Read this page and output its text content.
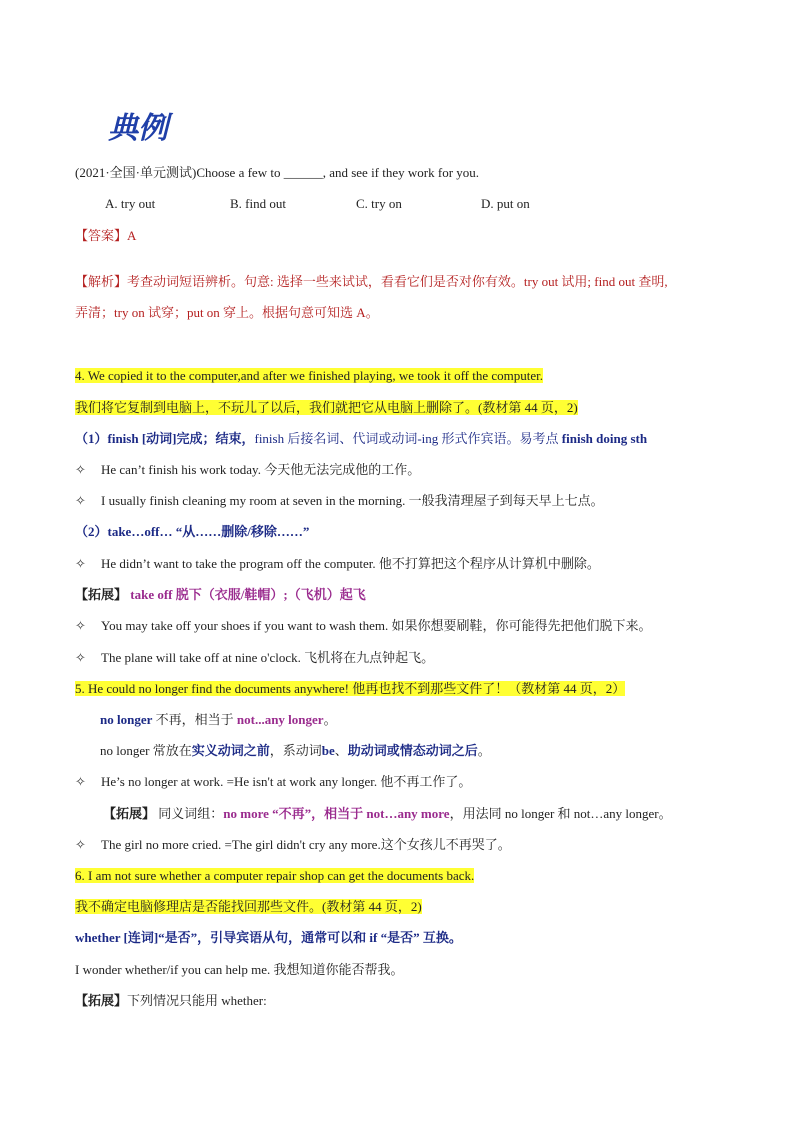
典例
(2021·全国·单元测试)Choose a few to ______, and see if they work for you.
A. try out	B. find out	C. try on	D. put on
【答案】A
【解析】考查动词短语辨析。句意: 选择一些来试试，看看它们是否对你有效。try out 试用; find out 查明,
弄清；try on 试穿；put on 穿上。根据句意可知选 A。
4. We copied it to the computer,and after we finished playing, we took it off the computer.
我们将它复制到电脑上，不玩儿了以后，我们就把它从电脑上删除了。(教材第 44 页，2)
（1）finish [动词]完成；结束，finish 后接名词、代词或动词-ing 形式作宾语。易考点 finish doing sth
✧ He can’t finish his work today. 今天他无法完成他的工作。
✧ I usually finish cleaning my room at seven in the morning. 一般我清理屋子到每天早上七点。
（2）take…off… “从……删除/移除……”
✧ He didn’t want to take the program off the computer. 他不打算把这个程序从计算机中删除。
【拓展】 take off 脱下（衣服/鞋帽）;（飞机）起飞
✧ You may take off your shoes if you want to wash them. 如果你想要刷鞋，你可能得先把他们脱下来。
✧ The plane will take off at nine o'clock. 飞机将在九点钟起飞。
5. He could no longer find the documents anywhere! 他再也找不到那些文件了！（教材第 44 页，2）
no longer 不再，相当于 not...any longer。
no longer 常放在实义动词之前，系动词be、助动词或情态动词之后。
✧ He’s no longer at work. =He isn't at work any longer. 他不再工作了。
【拓展】 同义词组：no more “不再”，相当于 not…any more，用法同 no longer 和 not…any longer。
✧ The girl no more cried. =The girl didn't cry any more.这个女孩儿不再哭了。
6. I am not sure whether a computer repair shop can get the documents back.
我不确定电脑修理店是否能找回那些文件。(教材第 44 页，2)
whether [连词]“是否”，引导宾语从句，通常可以和 if “是否” 互换。
I wonder whether/if you can help me. 我想知道你能否帮我。
【拓展】下列情况只能用 whether:
